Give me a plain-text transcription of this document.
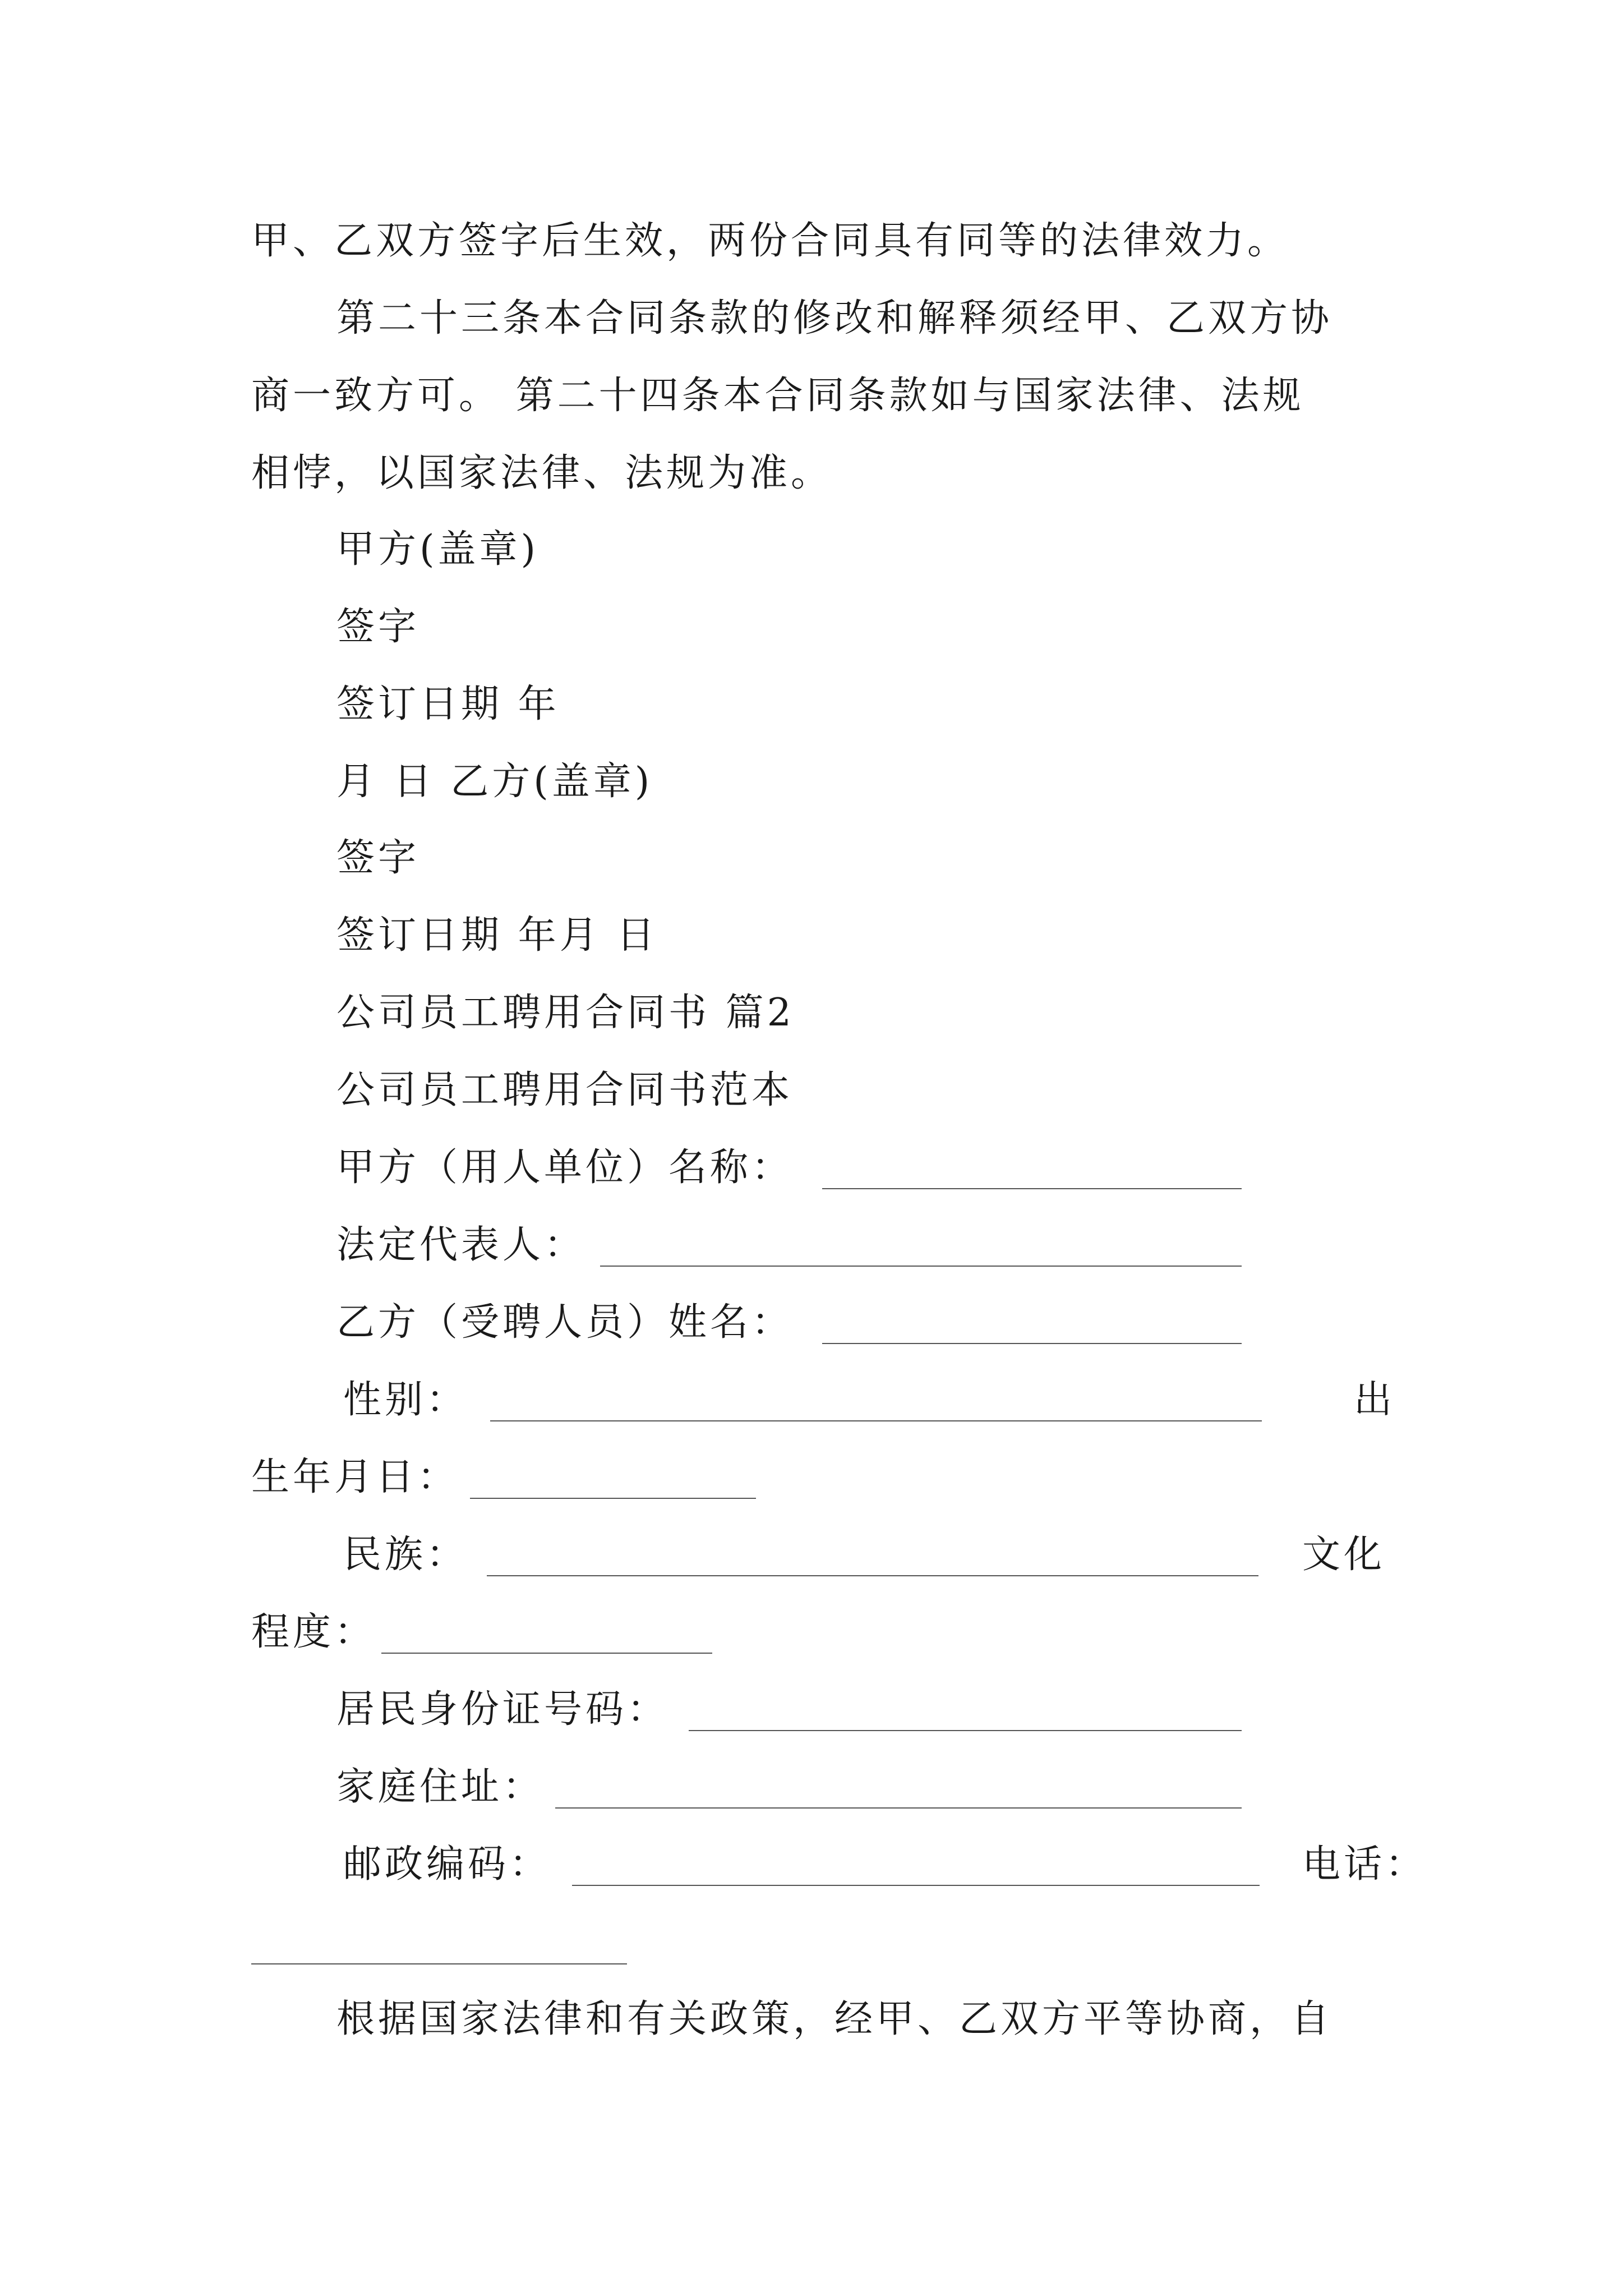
甲、乙双方签字后生效，两份合同具有同等的法律效力。
第二十三条本合同条款的修改和解释须经甲、乙双方协
商一致方可。 第二十四条本合同条款如与国家法律、法规
相悖，以国家法律、法规为准。
甲方(盖章)
签字
签订日期 年
月 日 乙方(盖章)
签字
签订日期 年月 日
公司员工聘用合同书 篇2
公司员工聘用合同书范本
甲方（用人单位）名称：
法定代表人：
乙方（受聘人员）姓名：
性别：	出
生年月日：
民族：	文化
程度：
居民身份证号码：
家庭住址：
邮政编码：	电话：
根据国家法律和有关政策，经甲、乙双方平等协商，自
